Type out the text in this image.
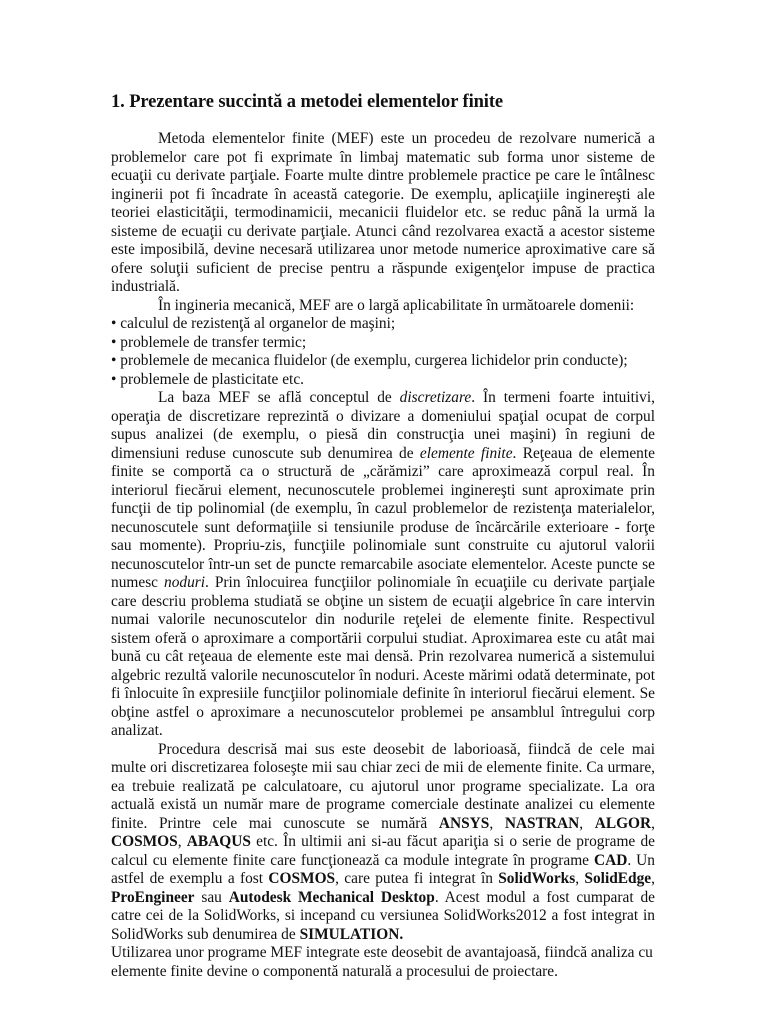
1. Prezentare succintă a metodei elementelor finite

Metoda elementelor finite (MEF) este un procedeu de rezolvare numerică a problemelor care pot fi exprimate în limbaj matematic sub forma unor sisteme de ecuaţii cu derivate parţiale. Foarte multe dintre problemele practice pe care le întâlnesc inginerii pot fi încadrate în această categorie. De exemplu, aplicaţiile inginereşti ale teoriei elasticităţii, termodinamicii, mecanicii fluidelor etc. se reduc până la urmă la sisteme de ecuaţii cu derivate parţiale. Atunci când rezolvarea exactă a acestor sisteme este imposibilă, devine necesară utilizarea unor metode numerice aproximative care să ofere soluţii suficient de precise pentru a răspunde exigenţelor impuse de practica industrială.

În ingineria mecanică, MEF are o largă aplicabilitate în următoarele domenii:

• calculul de rezistenţă al organelor de maşini;
• problemele de transfer termic;
• problemele de mecanica fluidelor (de exemplu, curgerea lichidelor prin conducte);
• problemele de plasticitate etc.

La baza MEF se află conceptul de discretizare. În termeni foarte intuitivi, operaţia de discretizare reprezintă o divizare a domeniului spaţial ocupat de corpul supus analizei (de exemplu, o piesă din construcţia unei maşini) în regiuni de dimensiuni reduse cunoscute sub denumirea de elemente finite. Reţeaua de elemente finite se comportă ca o structură de „cărămizi” care aproximează corpul real. În interiorul fiecărui element, necunoscutele problemei inginereşti sunt aproximate prin funcţii de tip polinomial (de exemplu, în cazul problemelor de rezistenţa materialelor, necunoscutele sunt deformaţiile si tensiunile produse de încărcările exterioare - forţe sau momente). Propriu-zis, funcţiile polinomiale sunt construite cu ajutorul valorii necunoscutelor într-un set de puncte remarcabile asociate elementelor. Aceste puncte se numesc noduri. Prin înlocuirea funcţiilor polinomiale în ecuaţiile cu derivate parţiale care descriu problema studiată se obţine un sistem de ecuaţii algebrice în care intervin numai valorile necunoscutelor din nodurile reţelei de elemente finite. Respectivul sistem oferă o aproximare a comportării corpului studiat. Aproximarea este cu atât mai bună cu cât reţeaua de elemente este mai densă. Prin rezolvarea numerică a sistemului algebric rezultă valorile necunoscutelor în noduri. Aceste mărimi odată determinate, pot fi înlocuite în expresiile funcţiilor polinomiale definite în interiorul fiecărui element. Se obţine astfel o aproximare a necunoscutelor problemei pe ansamblul întregului corp analizat.

Procedura descrisă mai sus este deosebit de laborioasă, fiindcă de cele mai multe ori discretizarea foloseşte mii sau chiar zeci de mii de elemente finite. Ca urmare, ea trebuie realizată pe calculatoare, cu ajutorul unor programe specializate. La ora actuală există un număr mare de programe comerciale destinate analizei cu elemente finite. Printre cele mai cunoscute se numără ANSYS, NASTRAN, ALGOR, COSMOS, ABAQUS etc. În ultimii ani si-au făcut apariţia si o serie de programe de calcul cu elemente finite care funcţionează ca module integrate în programe CAD. Un astfel de exemplu a fost COSMOS, care putea fi integrat în SolidWorks, SolidEdge, ProEngineer sau Autodesk Mechanical Desktop. Acest modul a fost cumparat de catre cei de la SolidWorks, si incepand cu versiunea SolidWorks2012 a fost integrat in SolidWorks sub denumirea de SIMULATION.

Utilizarea unor programe MEF integrate este deosebit de avantajoasă, fiindcă analiza cu elemente finite devine o componentă naturală a procesului de proiectare.
